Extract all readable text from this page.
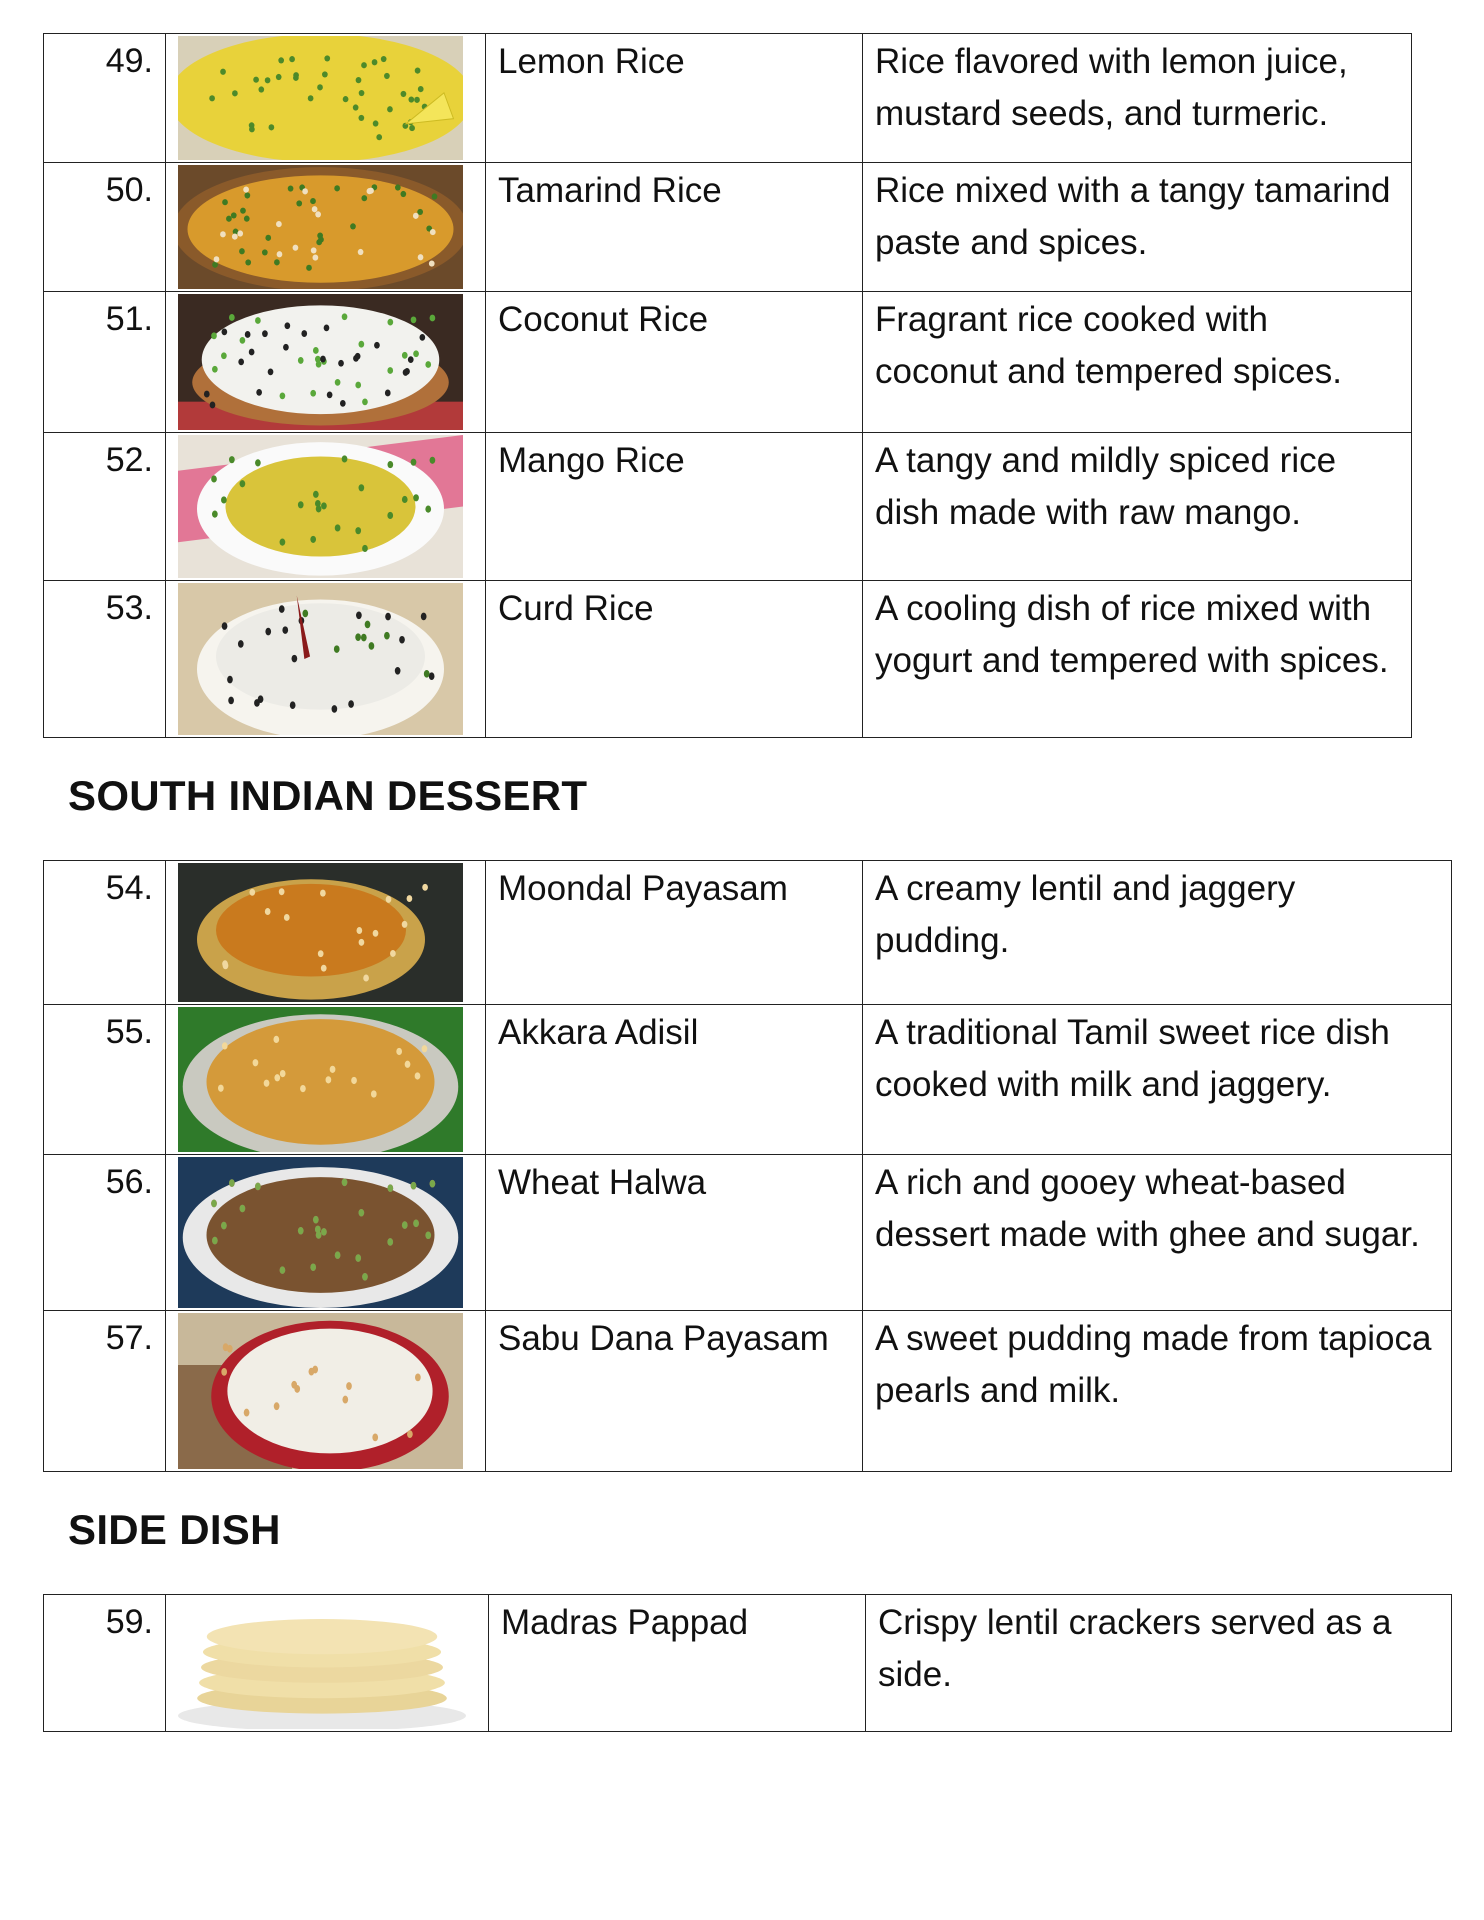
49.		Lemon Rice	Rice flavored with lemon juice, mustard seeds, and turmeric.
50.		Tamarind Rice	Rice mixed with a tangy tamarind paste and spices.
51.		Coconut Rice	Fragrant rice cooked with coconut and tempered spices.
52.		Mango Rice	A tangy and mildly spiced rice dish made with raw mango.
53.		Curd Rice	A cooling dish of rice mixed with yogurt and tempered with spices.
SOUTH INDIAN DESSERT
54.		Moondal Payasam	A creamy lentil and jaggery pudding.
55.		Akkara Adisil	A traditional Tamil sweet rice dish cooked with milk and jaggery.
56.		Wheat Halwa	A rich and gooey wheat-based dessert made with ghee and sugar.
57.		Sabu Dana Payasam	A sweet pudding made from tapioca pearls and milk.
SIDE DISH
59.		Madras Pappad	Crispy lentil crackers served as a side.
